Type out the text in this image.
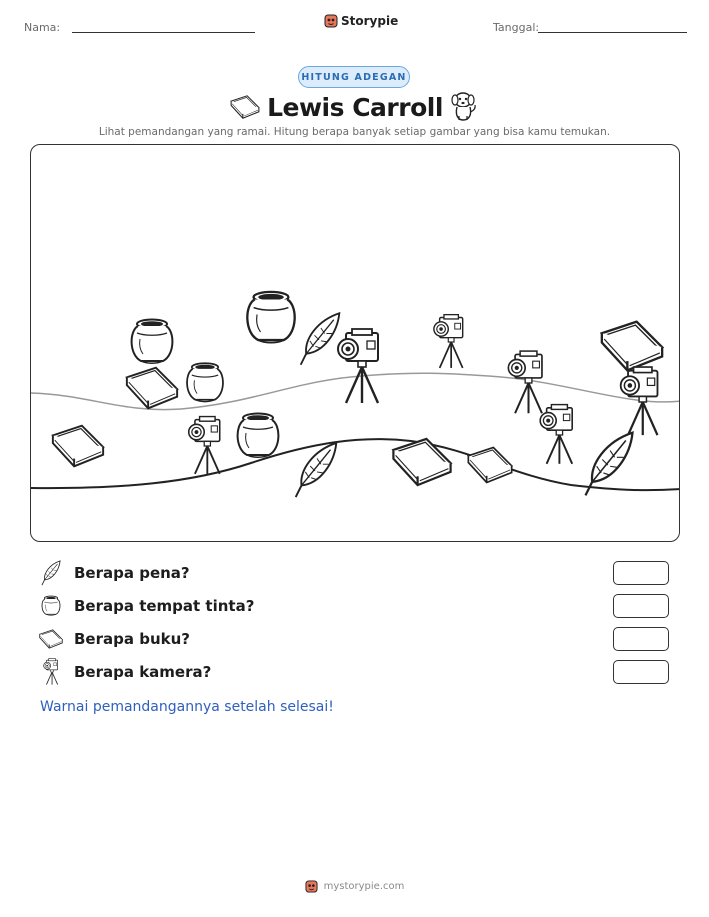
Nama:	Storypie	Tanggal:
HITUNG ADEGAN
Lewis Carroll
Lihat pemandangan yang ramai. Hitung berapa banyak setiap gambar yang bisa kamu temukan.
Berapa pena?
Berapa tempat tinta?
Berapa buku?
Berapa kamera?
Warnai pemandangannya setelah selesai!
mystorypie.com
